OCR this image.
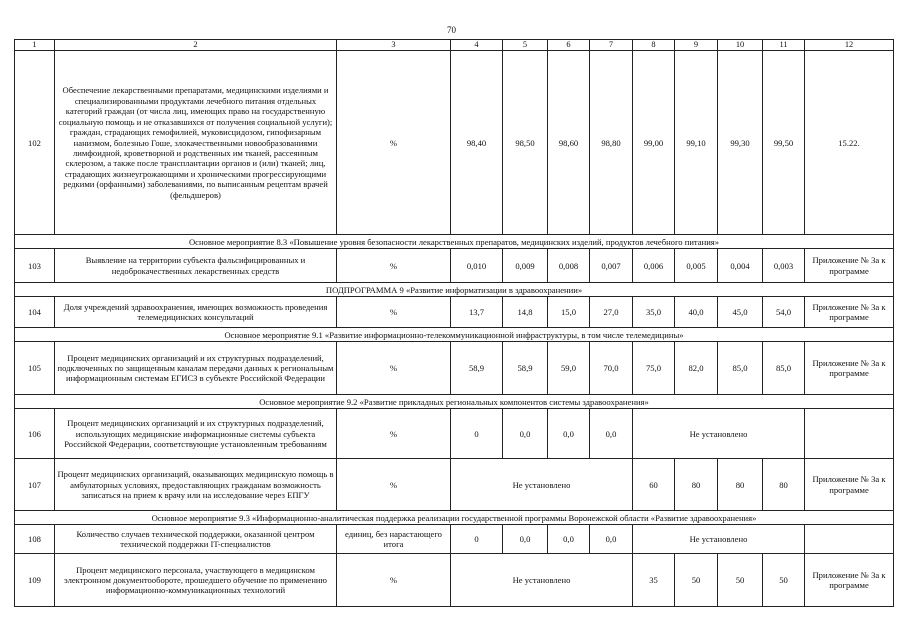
70
1	2	3	4	5	6	7	8	9	10	11	12
102	Обеспечение лекарственными препаратами, медицинскими изделиями и специализированными продуктами лечебного питания отдельных категорий граждан (от числа лиц, имеющих право на государственную социальную помощь и не отказавшихся от получения социальной услуги); граждан, страдающих гемофилией, муковисцидозом, гипофизарным нанизмом, болезнью Гоше, злокачественными новообразованиями лимфоидной, кроветворной и родственных им тканей, рассеянным склерозом, а также после трансплантации органов и (или) тканей; лиц, страдающих жизнеугрожающими и хроническими прогрессирующими редкими (орфанными) заболеваниями, по выписанным рецептам врачей (фельдшеров)	%	98,40	98,50	98,60	98,80	99,00	99,10	99,30	99,50	15.22.
Основное мероприятие 8.3 «Повышение уровня безопасности лекарственных препаратов, медицинских изделий, продуктов лечебного питания»											
103	Выявление на территории субъекта фальсифицированных и недоброкачественных лекарственных средств	%	0,010	0,009	0,008	0,007	0,006	0,005	0,004	0,003	Приложение № 3а к программе
ПОДПРОГРАММА 9 «Развитие информатизации в здравоохранении»											
104	Доля учреждений здравоохранения, имеющих возможность проведения телемедицинских консультаций	%	13,7	14,8	15,0	27,0	35,0	40,0	45,0	54,0	Приложение № 3а к программе
Основное мероприятие 9.1 «Развитие информационно-телекоммуникационной инфраструктуры, в том числе телемедицины»											
105	Процент медицинских организаций и их структурных подразделений, подключенных по защищенным каналам передачи данных к региональным информационным системам ЕГИСЗ в субъекте Российской Федерации	%	58,9	58,9	59,0	70,0	75,0	82,0	85,0	85,0	Приложение № 3а к программе
Основное мероприятие 9.2 «Развитие прикладных региональных компонентов системы здравоохранения»											
106	Процент медицинских организаций и их структурных подразделений, использующих медицинские информационные системы субъекта Российской Федерации, соответствующие установленным требованиям	%	0	0,0	0,0	0,0	Не установлено				
107	Процент медицинских организаций, оказывающих медицинскую помощь в амбулаторных условиях, предоставляющих гражданам возможность записаться на прием к врачу или на исследование через ЕПГУ	%	Не установлено				60	80	80	80	Приложение № 3а к программе
Основное мероприятие 9.3 «Информационно-аналитическая поддержка реализации государственной программы Воронежской области «Развитие здравоохранения»											
108	Количество случаев технической поддержки, оказанной центром технической поддержки IT-специалистов	единиц, без нарастающего итога	0	0,0	0,0	0,0	Не установлено				
109	Процент медицинского персонала, участвующего в медицинском электронном документообороте, прошедшего обучение по применению информационно-коммуникационных технологий	%	Не установлено				35	50	50	50	Приложение № 3а к программе
